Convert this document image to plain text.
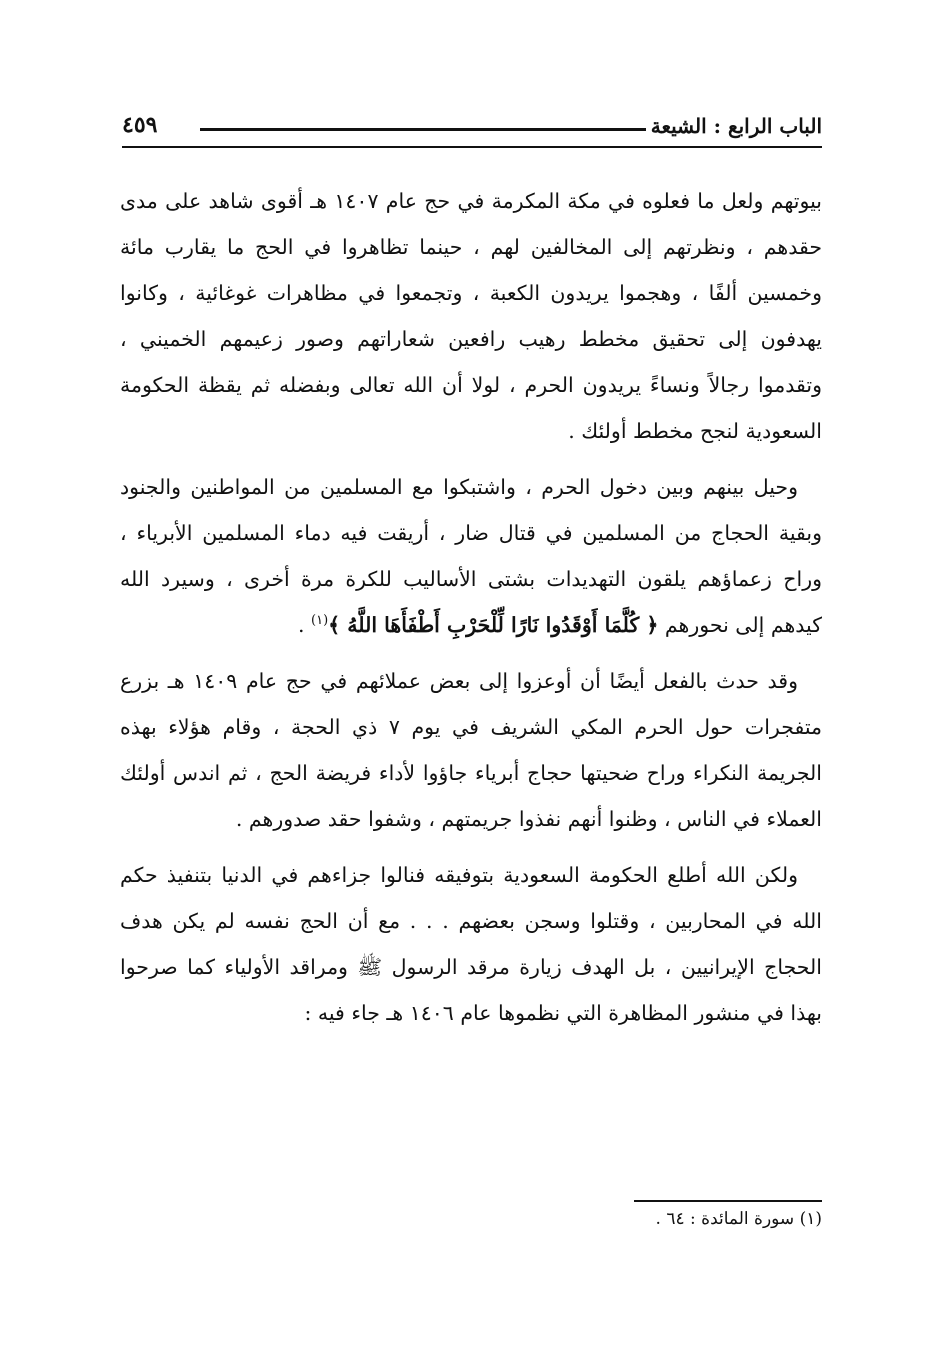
الباب الرابع : الشيعة
٤٥٩

بيوتهم ولعل ما فعلوه في مكة المكرمة في حج عام ١٤٠٧ هـ أقوى شاهد على مدى حقدهم ، ونظرتهم إلى المخالفين لهم ، حينما تظاهروا في الحج ما يقارب مائة وخمسين ألفًا ، وهجموا يريدون الكعبة ، وتجمعوا في مظاهرات غوغائية ، وكانوا يهدفون إلى تحقيق مخطط رهيب رافعين شعاراتهم وصور زعيمهم الخميني ، وتقدموا رجالاً ونساءً يريدون الحرم ، لولا أن الله تعالى وبفضله ثم يقظة الحكومة السعودية لنجح مخطط أولئك .

وحيل بينهم وبين دخول الحرم ، واشتبكوا مع المسلمين من المواطنين والجنود وبقية الحجاج من المسلمين في قتال ضار ، أريقت فيه دماء المسلمين الأبرياء ، وراح زعماؤهم يلقون التهديدات بشتى الأساليب للكرة مرة أخرى ، وسيرد الله كيدهم إلى نحورهم ﴿ كُلَّمَا أَوْقَدُوا نَارًا لِّلْحَرْبِ أَطْفَأَهَا اللَّهُ ﴾$^{(١)}$ .

وقد حدث بالفعل أيضًا أن أوعزوا إلى بعض عملائهم في حج عام ١٤٠٩ هـ بزرع متفجرات حول الحرم المكي الشريف في يوم ٧ ذي الحجة ، وقام هؤلاء بهذه الجريمة النكراء وراح ضحيتها حجاج أبرياء جاؤوا لأداء فريضة الحج ، ثم اندس أولئك العملاء في الناس ، وظنوا أنهم نفذوا جريمتهم ، وشفوا حقد صدورهم .

ولكن الله أطلع الحكومة السعودية بتوفيقه فنالوا جزاءهم في الدنيا بتنفيذ حكم الله في المحاربين ، وقتلوا وسجن بعضهم . . . مع أن الحج نفسه لم يكن هدف الحجاج الإيرانيين ، بل الهدف زيارة مرقد الرسول ﷺ ومراقد الأولياء كما صرحوا بهذا في منشور المظاهرة التي نظموها عام ١٤٠٦ هـ جاء فيه :

(١) سورة المائدة : ٦٤ .
